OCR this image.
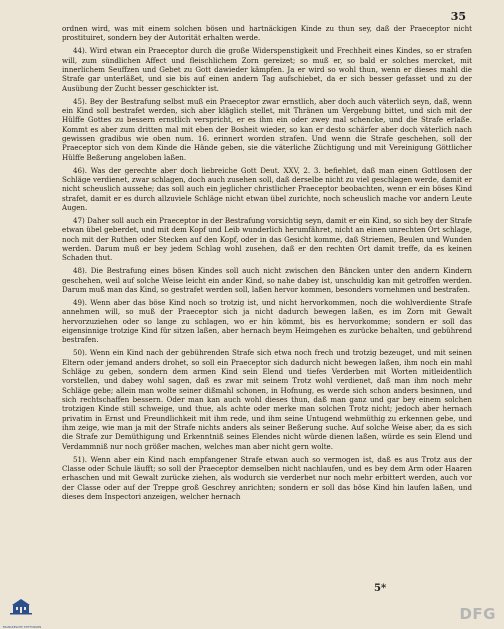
35

ordnen wird, was mit einem solchen bösen und hartnäckigen Kinde zu thun sey, daß der Praeceptor nicht prostituiret, sondern bey der Autorität erhalten werde.

44). Wird etwan ein Praeceptor durch die große Widerspenstigkeit und Frechheit eines Kindes, so er strafen will, zum sündlichen Affect und fleischlichem Zorn gereizet; so muß er, so bald er solches mercket, mit innerlichem Seuffzen und Gebet zu Gott dawieder kämpfen. Ja er wird so wohl thun, wenn er dieses mahl die Strafe gar unterläßet, und sie bis auf einen andern Tag aufschiebet, da er sich besser gefasset und zu der Ausübung der Zucht besser geschickter ist.

45). Bey der Bestrafung selbst muß ein Praeceptor zwar ernstlich, aber doch auch väterlich seyn, daß, wenn ein Kind soll bestrafet werden, sich aber kläglich stellet, mit Thränen um Vergebung bittet, und sich mit der Hülffe Gottes zu bessern ernstlich verspricht, er es ihm ein oder zwey mal schencke, und die Strafe erlaße. Kommt es aber zum dritten mal mit eben der Bosheit wieder, so kan er desto schärfer aber doch väterlich nach gewissen gradibus wie oben num. 16. erinnert worden strafen. Und wenn die Strafe geschehen, soll der Praeceptor sich von dem Kinde die Hände geben, sie die väterliche Züchtigung und mit Vereinigung Göttlicher Hülffe Beßerung angeloben laßen.

46). Was der gerechte aber doch liebreiche Gott Deut. XXV, 2. 3. befiehlet, daß man einen Gottlosen der Schläge verdienet, zwar schlagen, doch auch zusehen soll, daß derselbe nicht zu viel geschlagen werde, damit er nicht scheuslich aussehe; das soll auch ein jeglicher christlicher Praeceptor beobachten, wenn er ein böses Kind strafet, damit er es durch allzuviele Schläge nicht etwan übel zurichte, noch scheuslich mache vor andern Leute Augen.

47) Daher soll auch ein Praeceptor in der Bestrafung vorsichtig seyn, damit er ein Kind, so sich bey der Strafe etwan übel geberdet, und mit dem Kopf und Leib wunderlich herumfähret, nicht an einen unrechten Ort schlage, noch mit der Ruthen oder Stecken auf den Kopf, oder in das Gesicht komme, daß Striemen, Beulen und Wunden werden. Darum muß er bey jedem Schlag wohl zusehen, daß er den rechten Ort damit treffe, da es keinen Schaden thut.

48). Die Bestrafung eines bösen Kindes soll auch nicht zwischen den Bäncken unter den andern Kindern geschehen, weil auf solche Weise leicht ein ander Kind, so nahe dabey ist, unschuldig kan mit getroffen werden. Darum muß man das Kind, so gestrafet werden soll, laßen hervor kommen, besonders vornehmen und bestrafen.

49). Wenn aber das böse Kind noch so trotzig ist, und nicht hervorkommen, noch die wohlverdiente Strafe annehmen will, so muß der Praeceptor sich ja nicht dadurch bewegen laßen, es im Zorn mit Gewalt hervorzuziehen oder so lange zu schlagen, wo er hin kömmt, bis es hervorkomme; sondern er soll das eigensinnige trotzige Kind für sitzen laßen, aber hernach beym Heimgehen es zurücke behalten, und gebührend bestrafen.

50). Wenn ein Kind nach der gebührenden Strafe sich etwa noch frech und trotzig bezeuget, und mit seinen Eltern oder jemand anders drohet, so soll ein Praeceptor sich dadurch nicht bewegen laßen, ihm noch ein mahl Schläge zu geben, sondern dem armen Kind sein Elend und tiefes Verderben mit Worten mitleidentlich vorstellen, und dabey wohl sagen, daß es zwar mit seinem Trotz wohl verdienet, daß man ihm noch mehr Schläge gebe; allein man wolte seiner dißmahl schonen, in Hofnung, es werde sich schon anders besinnen, und sich rechtschaffen bessern. Oder man kan auch wohl dieses thun, daß man ganz und gar bey einem solchen trotzigen Kinde still schweige, und thue, als achte oder merke man solchen Trotz nicht; jedoch aber hernach privatim in Ernst und Freundlichkeit mit ihm rede, und ihm seine Untugend wehmüthig zu erkennen gebe, und ihm zeige, wie man ja mit der Strafe nichts anders als seiner Beßerung suche. Auf solche Weise aber, da es sich die Strafe zur Demüthigung und Erkenntniß seines Elendes nicht würde dienen laßen, würde es sein Elend und Verdammniß nur noch größer machen, welches man aber nicht gern wolte.

51). Wenn aber ein Kind nach empfangener Strafe etwan auch so vermogen ist, daß es aus Trotz aus der Classe oder Schule läufft; so soll der Praeceptor demselben nicht nachlaufen, und es bey dem Arm oder Haaren erhaschen und mit Gewalt zurücke ziehen, als wodurch sie verderbet nur noch mehr erbittert werden, auch vor der Classe oder auf der Treppe groß Geschrey anrichten; sondern er soll das böse Kind hin laufen laßen, und dieses dem Inspectori anzeigen, welcher hernach

5*
FRANCKESCHE STIFTUNGEN
DFG
